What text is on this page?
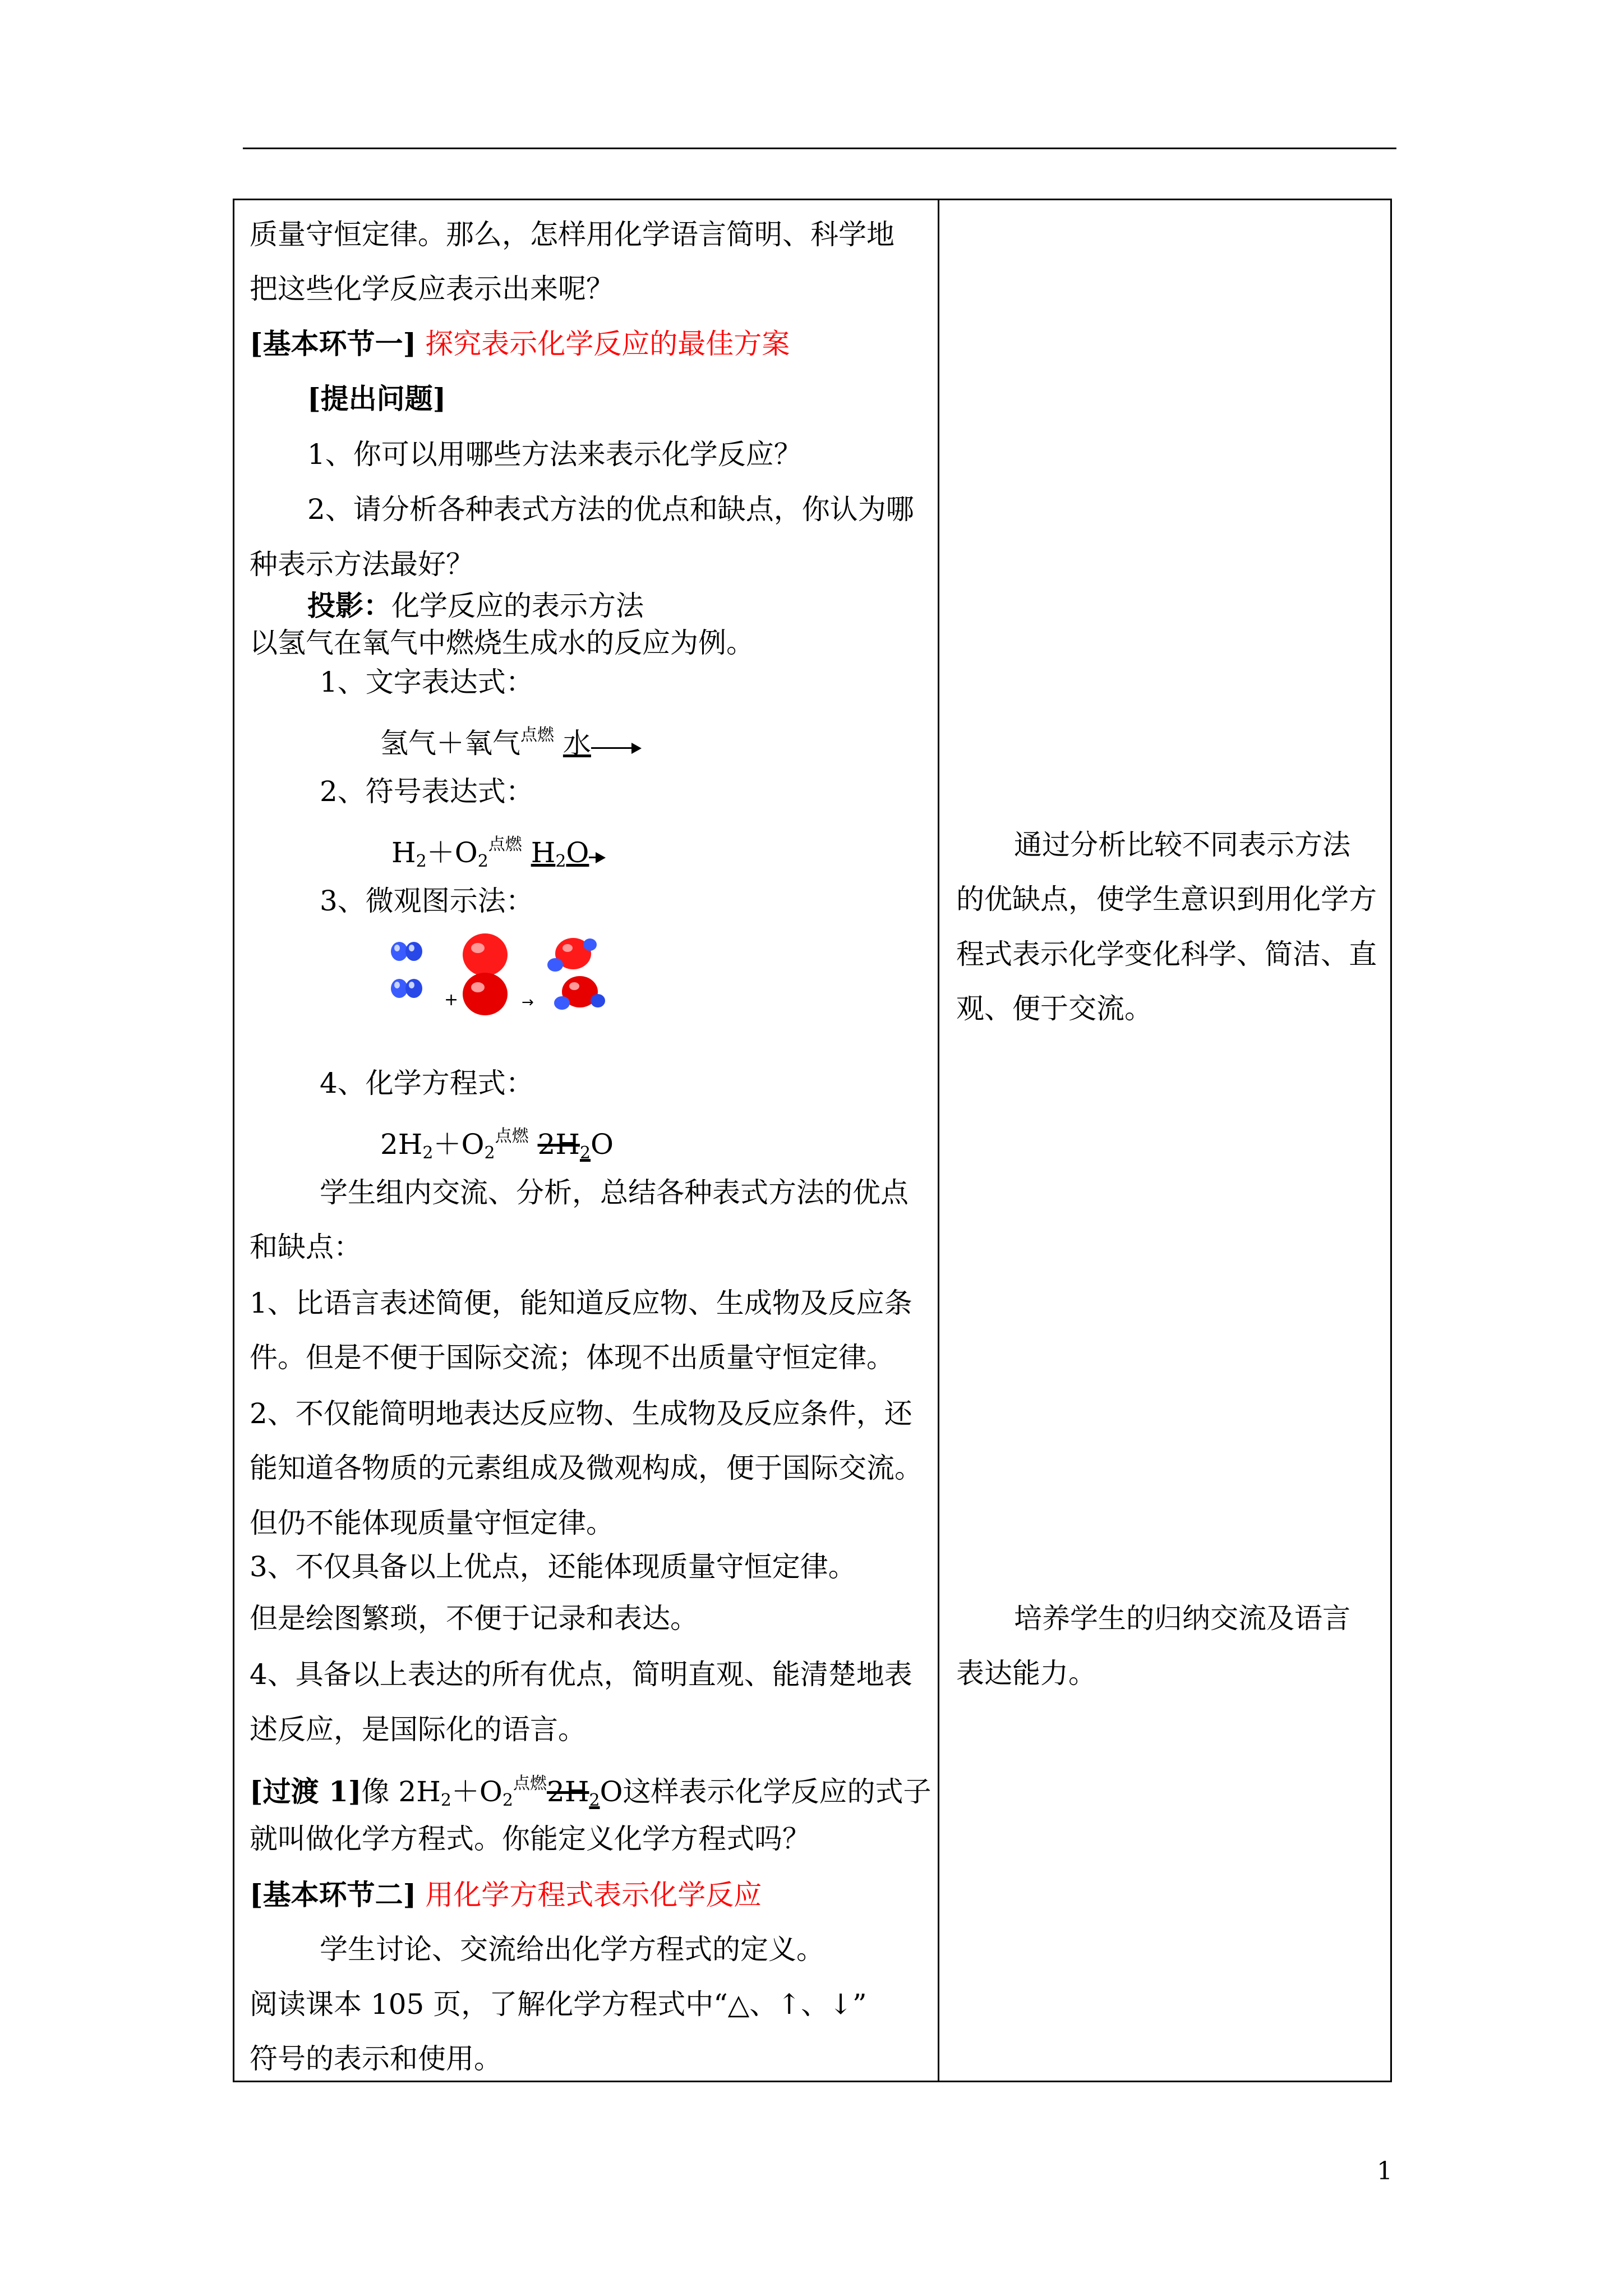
质量守恒定律。那么，怎样用化学语言简明、科学地
把这些化学反应表示出来呢？
[基本环节一] 探究表示化学反应的最佳方案
[提出问题]
1、你可以用哪些方法来表示化学反应？
2、请分析各种表式方法的优点和缺点，你认为哪
种表示方法最好？
投影：化学反应的表示方法
以氢气在氧气中燃烧生成水的反应为例。
1、文字表达式：
氢气＋氧气$^{点燃}$ 水
2、符号表达式：
$H_2+O_2^{点燃}$ $H_2O$
3、微观图示法：
+	→
4、化学方程式：
$2H_2+O_2^{点燃}$ $2H_2O$
学生组内交流、分析，总结各种表式方法的优点
和缺点：
1、比语言表述简便，能知道反应物、生成物及反应条
件。但是不便于国际交流；体现不出质量守恒定律。
2、不仅能简明地表达反应物、生成物及反应条件，还
能知道各物质的元素组成及微观构成，便于国际交流。
但仍不能体现质量守恒定律。
3、不仅具备以上优点，还能体现质量守恒定律。
但是绘图繁琐，不便于记录和表达。
4、具备以上表达的所有优点，简明直观、能清楚地表
述反应，是国际化的语言。
[过渡 1]像 $2H_2+O_2^{点燃}2H_2O$这样表示化学反应的式子
就叫做化学方程式。你能定义化学方程式吗？
[基本环节二] 用化学方程式表示化学反应
学生讨论、交流给出化学方程式的定义。
阅读课本 105 页，了解化学方程式中“△、↑、↓”
符号的表示和使用。
通过分析比较不同表示方法
的优缺点，使学生意识到用化学方
程式表示化学变化科学、简洁、直
观、便于交流。
培养学生的归纳交流及语言
表达能力。
1
